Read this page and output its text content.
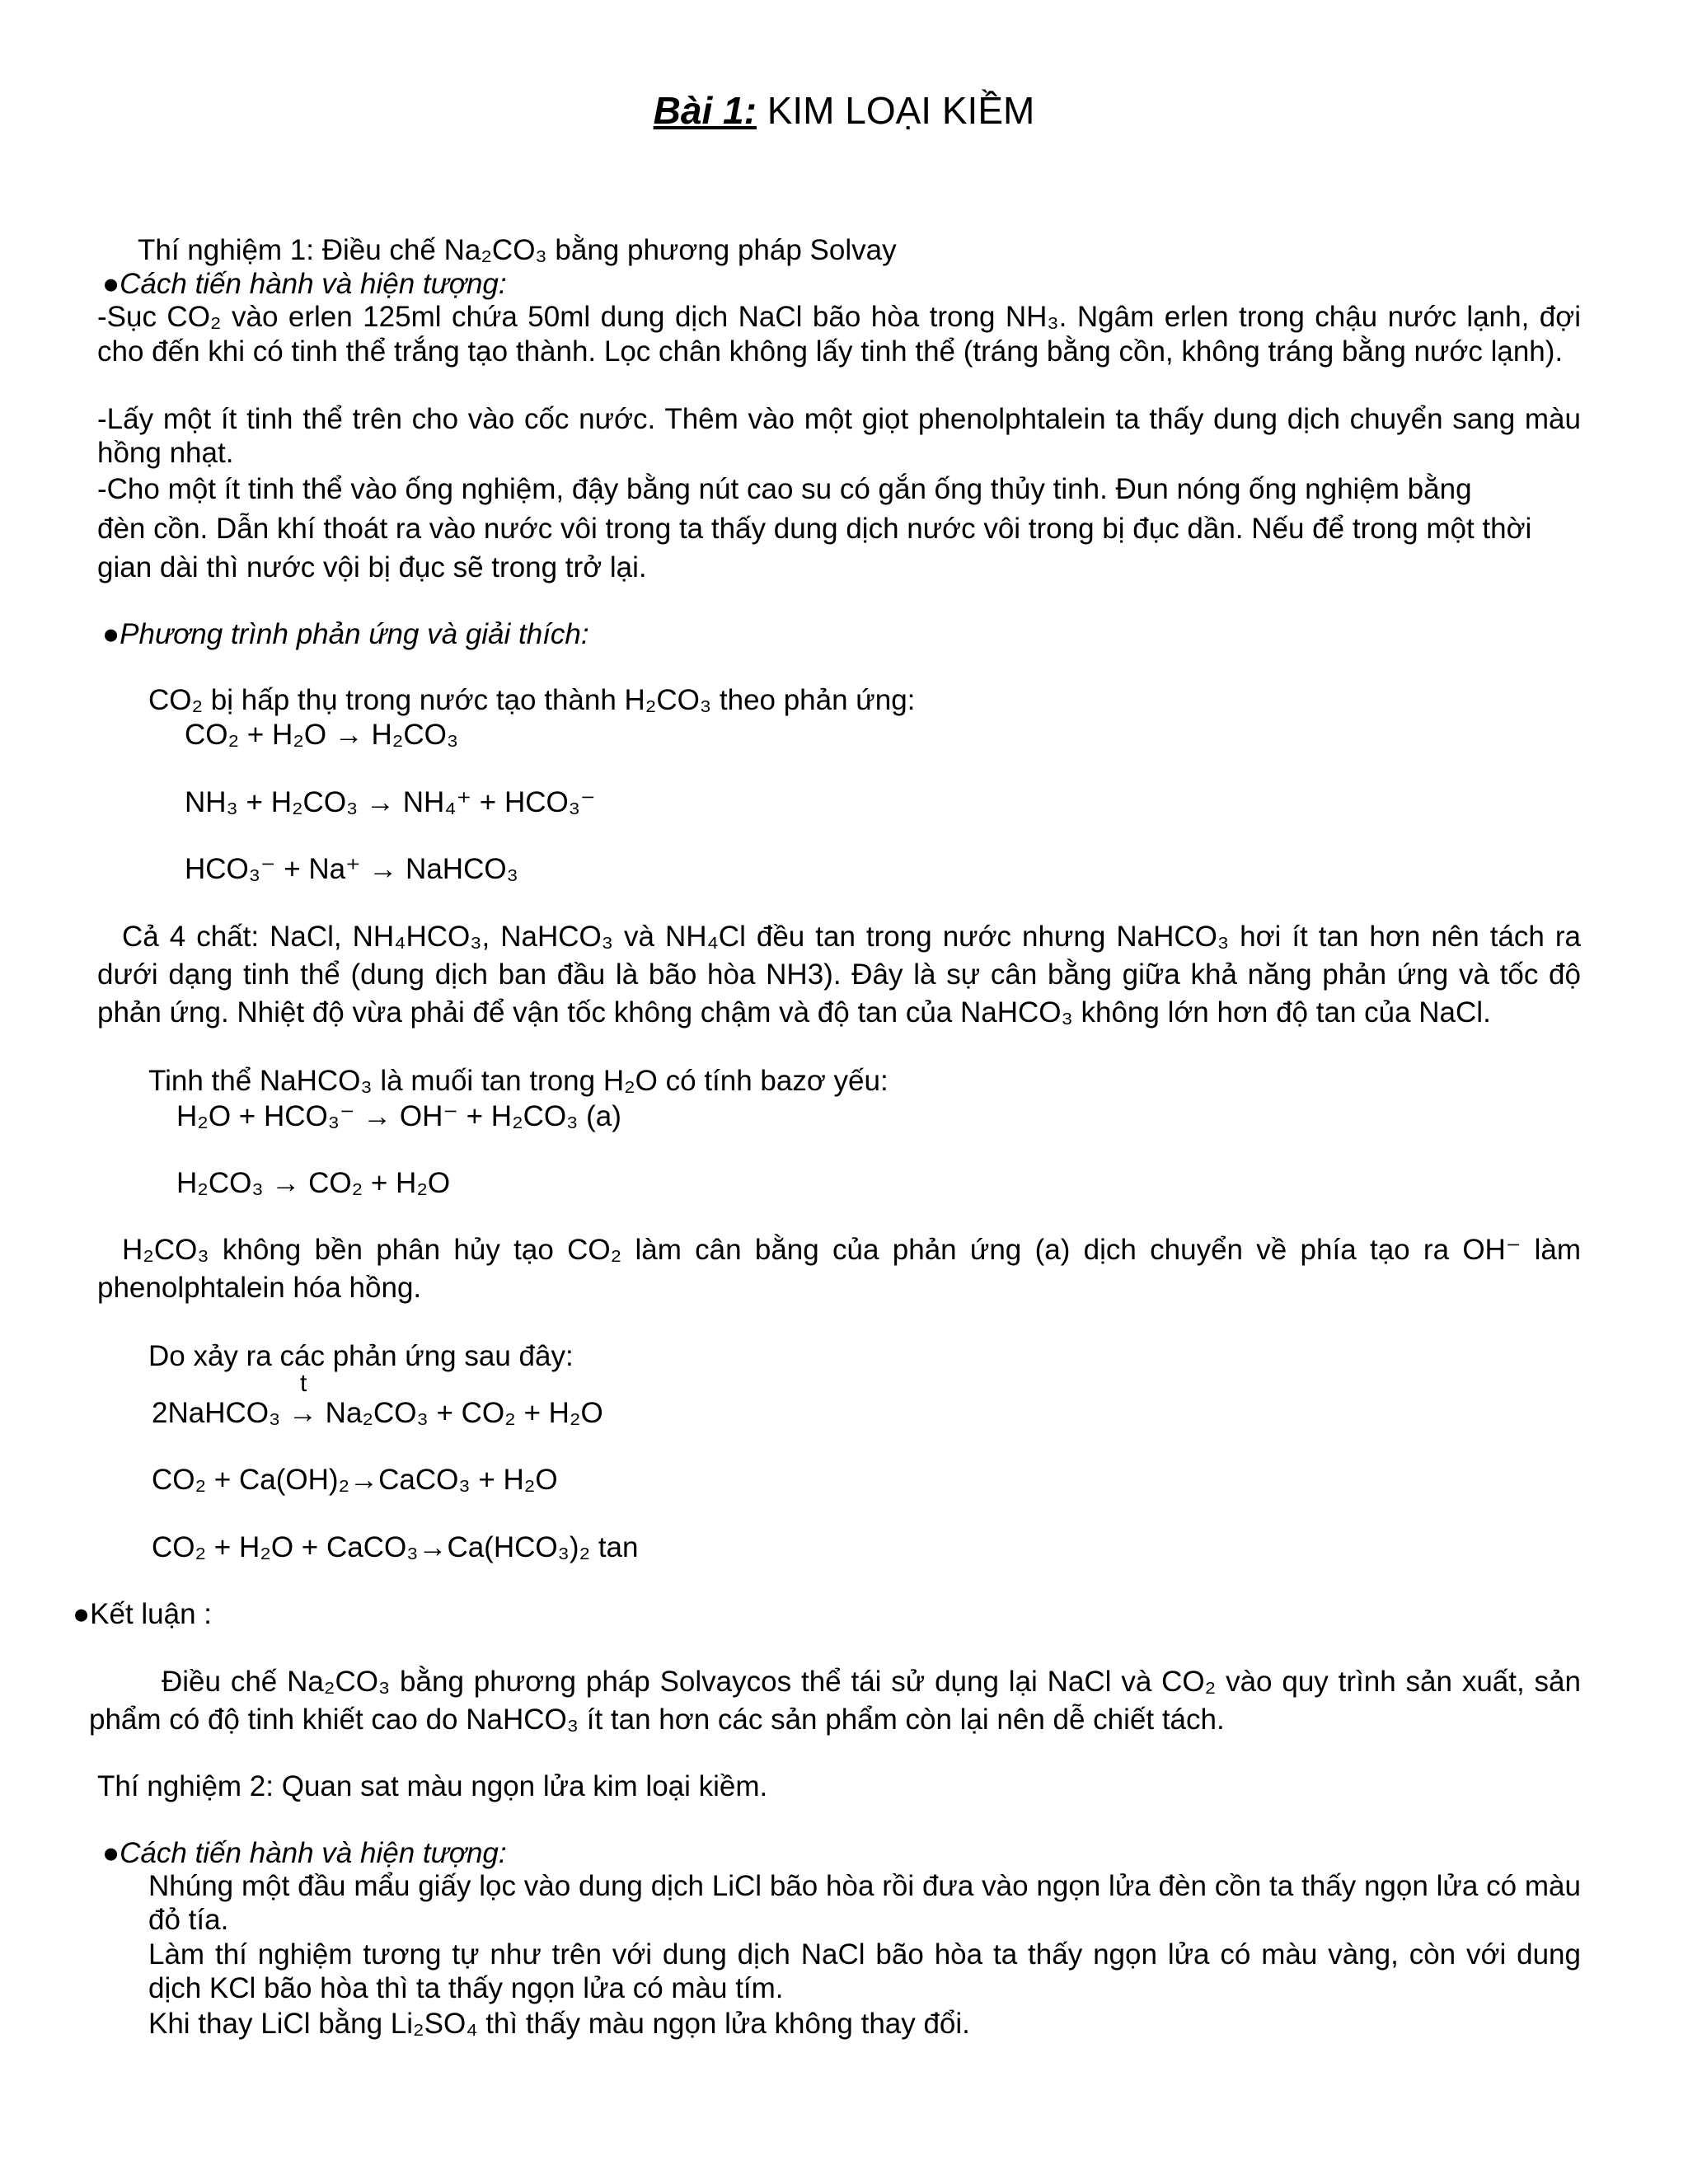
Bài 1: KIM LOẠI KIỀM
Thí nghiệm 1: Điều chế Na₂CO₃ bằng phương pháp Solvay
●Cách tiến hành và hiện tượng:
-Sục CO₂ vào erlen 125ml chứa 50ml dung dịch NaCl bão hòa trong NH₃. Ngâm erlen trong chậu nước lạnh, đợi cho đến khi có tinh thể trắng tạo thành. Lọc chân không lấy tinh thể (tráng bằng cồn, không tráng bằng nước lạnh).
-Lấy một ít tinh thể trên cho vào cốc nước. Thêm vào một giọt phenolphtalein ta thấy dung dịch chuyển sang màu hồng nhạt.
-Cho một ít tinh thể vào ống nghiệm, đậy bằng nút cao su có gắn ống thủy tinh. Đun nóng ống nghiệm bằng
đèn cồn. Dẫn khí thoát ra vào nước vôi trong ta thấy dung dịch nước vôi trong bị đục dần. Nếu để trong một thời
gian dài thì nước vội bị đục sẽ trong trở lại.
●Phương trình phản ứng và giải thích:
CO₂ bị hấp thụ trong nước tạo thành H₂CO₃ theo phản ứng:
CO₂ + H₂O → H₂CO₃
NH₃ + H₂CO₃ → NH₄⁺ + HCO₃⁻
HCO₃⁻ + Na⁺ → NaHCO₃
Cả 4 chất: NaCl, NH₄HCO₃, NaHCO₃ và NH₄Cl đều tan trong nước nhưng NaHCO₃ hơi ít tan hơn nên tách ra dưới dạng tinh thể (dung dịch ban đầu là bão hòa NH3). Đây là sự cân bằng giữa khả năng phản ứng và tốc độ phản ứng. Nhiệt độ vừa phải để vận tốc không chậm và độ tan của NaHCO₃ không lớn hơn độ tan của NaCl.
Tinh thể NaHCO₃ là muối tan trong H₂O có tính bazơ yếu:
H₂O + HCO₃⁻ → OH⁻ + H₂CO₃ (a)
H₂CO₃ → CO₂ + H₂O
H₂CO₃ không bền phân hủy tạo CO₂ làm cân bằng của phản ứng (a) dịch chuyển về phía tạo ra OH⁻ làm phenolphtalein hóa hồng.
Do xảy ra các phản ứng sau đây:
t
2NaHCO₃ → Na₂CO₃ + CO₂ + H₂O
CO₂ + Ca(OH)₂→CaCO₃ + H₂O
CO₂ + H₂O + CaCO₃→Ca(HCO₃)₂ tan
●Kết luận :
Điều chế Na₂CO₃ bằng phương pháp Solvaycos thể tái sử dụng lại NaCl và CO₂ vào quy trình sản xuất, sản phẩm có độ tinh khiết cao do NaHCO₃ ít tan hơn các sản phẩm còn lại nên dễ chiết tách.
Thí nghiệm 2: Quan sat màu ngọn lửa kim loại kiềm.
●Cách tiến hành và hiện tượng:
Nhúng một đầu mẩu giấy lọc vào dung dịch LiCl bão hòa rồi đưa vào ngọn lửa đèn cồn ta thấy ngọn lửa có màu đỏ tía.
Làm thí nghiệm tương tự như trên với dung dịch NaCl bão hòa ta thấy ngọn lửa có màu vàng, còn với dung dịch KCl bão hòa thì ta thấy ngọn lửa có màu tím.
Khi thay LiCl bằng Li₂SO₄ thì thấy màu ngọn lửa không thay đổi.
